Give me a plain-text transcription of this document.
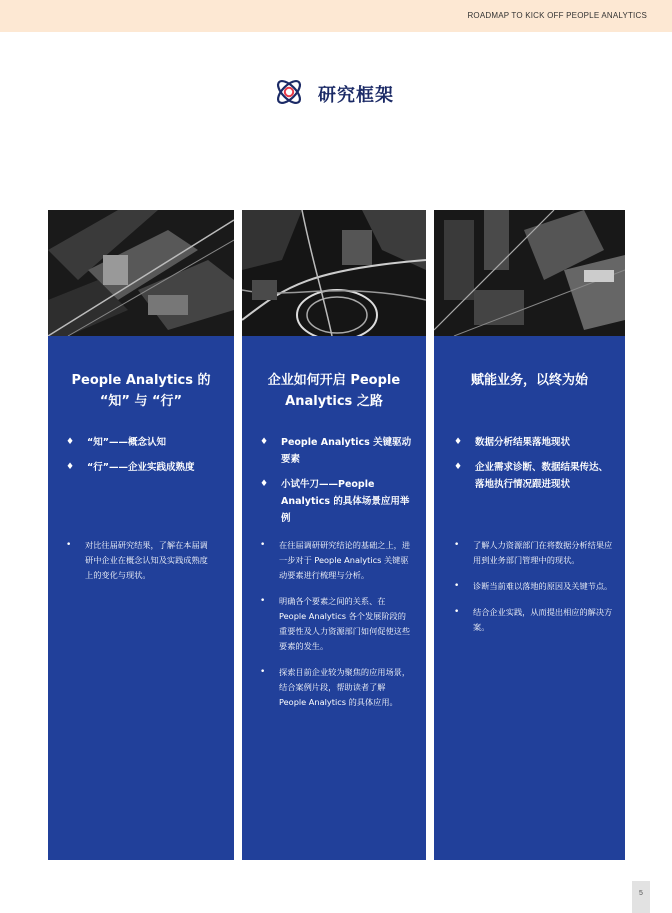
ROADMAP TO KICK OFF PEOPLE ANALYTICS
研究框架
People Analytics 的
“知” 与 “行”
♦ “知”——概念认知
♦ “行”——企业实践成熟度
• 对比往届研究结果，了解在本届调研中企业在概念认知及实践成熟度上的变化与现状。
企业如何开启 People
Analytics 之路
♦ People Analytics 关键驱动要素
♦ 小试牛刀——People Analytics 的具体场景应用举例
• 在往届调研研究结论的基础之上，进一步对于 People Analytics 关键驱动要素进行梳理与分析。
• 明确各个要素之间的关系、在 People Analytics 各个发展阶段的重要性及人力资源部门如何促使这些要素的发生。
• 探索目前企业较为聚焦的应用场景，结合案例片段，帮助读者了解 People Analytics 的具体应用。
赋能业务，以终为始
♦ 数据分析结果落地现状
♦ 企业需求诊断、数据结果传达、落地执行情况跟进现状
• 了解人力资源部门在将数据分析结果应用到业务部门管理中的现状。
• 诊断当前难以落地的原因及关键节点。
• 结合企业实践，从而提出相应的解决方案。
5
